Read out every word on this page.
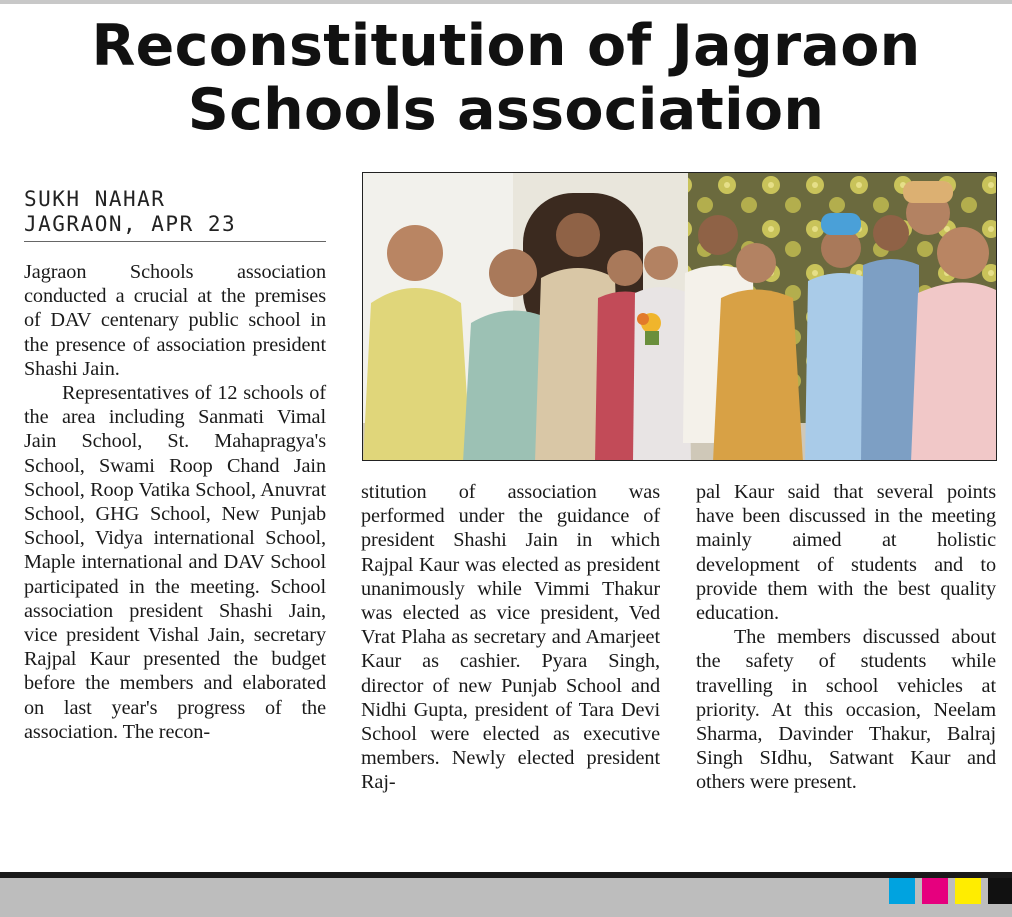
Reconstitution of Jagraon
Schools association
SUKH NAHAR
JAGRAON, APR 23

Jagraon Schools association conducted a crucial at the premises of DAV centenary public school in the presence of association president Shashi Jain.

Representatives of 12 schools of the area including Sanmati Vimal Jain School, St. Mahapragya's School, Swami Roop Chand Jain School, Roop Vatika School, Anuvrat School, GHG School, New Punjab School, Vidya international School, Maple international and DAV School participated in the meeting. School association president Shashi Jain, vice president Vishal Jain, secretary Rajpal Kaur presented the budget before the members and elaborated on last year's progress of the association. The recon-

stitution of association was performed under the guidance of president Shashi Jain in which Rajpal Kaur was elected as president unanimously while Vimmi Thakur was elected as vice president, Ved Vrat Plaha as secretary and Amarjeet Kaur as cashier. Pyara Singh, director of new Punjab School and Nidhi Gupta, president of Tara Devi School were elected as executive members. Newly elected president Raj-

pal Kaur said that several points have been discussed in the meeting mainly aimed at holistic development of students and to provide them with the best quality education.

The members discussed about the safety of students while travelling in school vehicles at priority. At this occasion, Neelam Sharma, Davinder Thakur, Balraj Singh SIdhu, Satwant Kaur and others were present.
